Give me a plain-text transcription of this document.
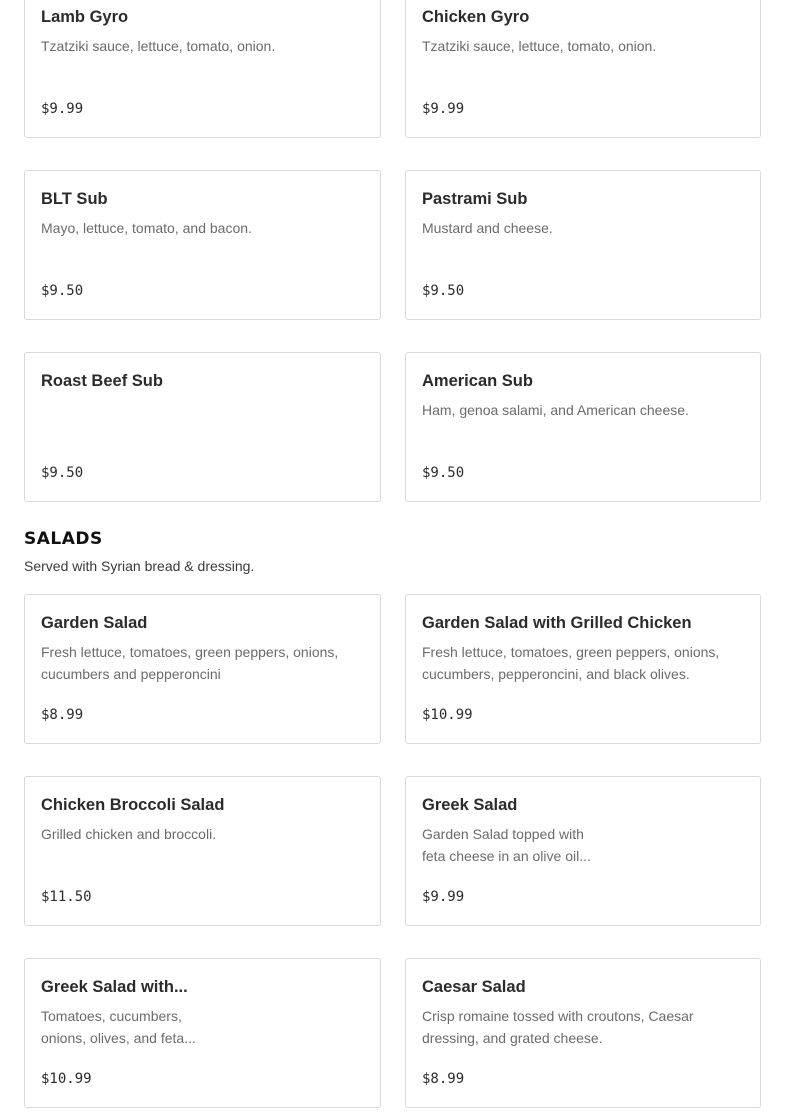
Lamb Gyro
Tzatziki sauce, lettuce, tomato, onion.
$9.99
Chicken Gyro
Tzatziki sauce, lettuce, tomato, onion.
$9.99
BLT Sub
Mayo, lettuce, tomato, and bacon.
$9.50
Pastrami Sub
Mustard and cheese.
$9.50
Roast Beef Sub
$9.50
American Sub
Ham, genoa salami, and American cheese.
$9.50
SALADS

Served with Syrian bread & dressing.

Garden Salad
Fresh lettuce, tomatoes, green peppers, onions, cucumbers and pepperoncini
$8.99
Garden Salad with Grilled Chicken
Fresh lettuce, tomatoes, green peppers, onions, cucumbers, pepperoncini, and black olives.
$10.99
Chicken Broccoli Salad
Grilled chicken and broccoli.
$11.50
Greek Salad
Garden Salad topped with feta cheese in an olive oil...
$9.99
Greek Salad with...
Tomatoes, cucumbers, onions, olives, and feta...
$10.99
Caesar Salad
Crisp romaine tossed with croutons, Caesar dressing, and grated cheese.
$8.99
